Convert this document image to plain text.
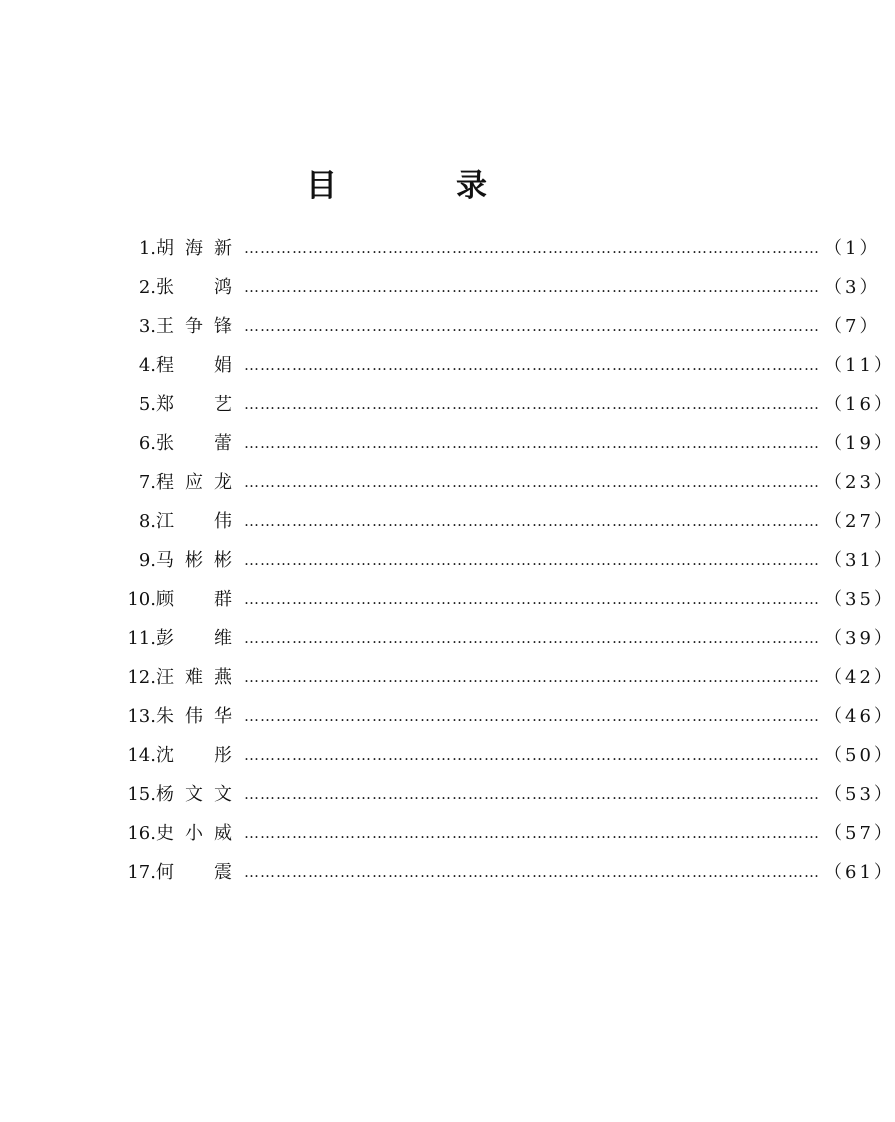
目　录
1. 胡 海 新 ……………………………………………………………………………………………… （1）
2. 张 鸿 ……………………………………………………………………………………………… （3）
3. 王 争 锋 ……………………………………………………………………………………………… （7）
4. 程 娟 ……………………………………………………………………………………………… （11）
5. 郑 艺 ……………………………………………………………………………………………… （16）
6. 张 蕾 ……………………………………………………………………………………………… （19）
7. 程 应 龙 ……………………………………………………………………………………………… （23）
8. 江 伟 ……………………………………………………………………………………………… （27）
9. 马 彬 彬 ……………………………………………………………………………………………… （31）
10. 顾 群 ……………………………………………………………………………………………… （35）
11. 彭 维 ……………………………………………………………………………………………… （39）
12. 汪 难 燕 ……………………………………………………………………………………………… （42）
13. 朱 伟 华 ……………………………………………………………………………………………… （46）
14. 沈 彤 ……………………………………………………………………………………………… （50）
15. 杨 文 文 ……………………………………………………………………………………………… （53）
16. 史 小 威 ……………………………………………………………………………………………… （57）
17. 何 震 ……………………………………………………………………………………………… （61）
